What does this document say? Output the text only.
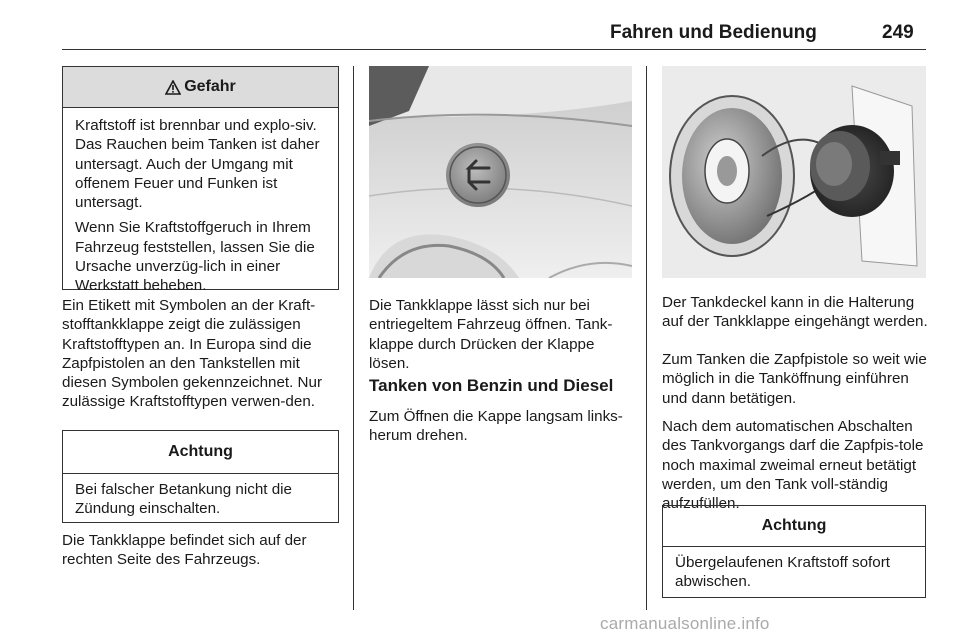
Fahren und Bedienung	249
Gefahr

Kraftstoff ist brennbar und explo-siv. Das Rauchen beim Tanken ist daher untersagt. Auch der Umgang mit offenem Feuer und Funken ist untersagt.

Wenn Sie Kraftstoffgeruch in Ihrem Fahrzeug feststellen, lassen Sie die Ursache unverzüg-lich in einer Werkstatt beheben.

Ein Etikett mit Symbolen an der Kraft-stofftankklappe zeigt die zulässigen Kraftstofftypen an. In Europa sind die Zapfpistolen an den Tankstellen mit diesen Symbolen gekennzeichnet. Nur zulässige Kraftstofftypen verwen-den.

Achtung

Bei falscher Betankung nicht die Zündung einschalten.

Die Tankklappe befindet sich auf der rechten Seite des Fahrzeugs.

Die Tankklappe lässt sich nur bei entriegeltem Fahrzeug öffnen. Tank-klappe durch Drücken der Klappe lösen.

Tanken von Benzin und Diesel

Zum Öffnen die Kappe langsam links-herum drehen.

Der Tankdeckel kann in die Halterung auf der Tankklappe eingehängt werden.

Zum Tanken die Zapfpistole so weit wie möglich in die Tanköffnung einführen und dann betätigen.

Nach dem automatischen Abschalten des Tankvorgangs darf die Zapfpis-tole noch maximal zweimal erneut betätigt werden, um den Tank voll-ständig aufzufüllen.

Achtung

Übergelaufenen Kraftstoff sofort abwischen.

carmanualsonline.info
